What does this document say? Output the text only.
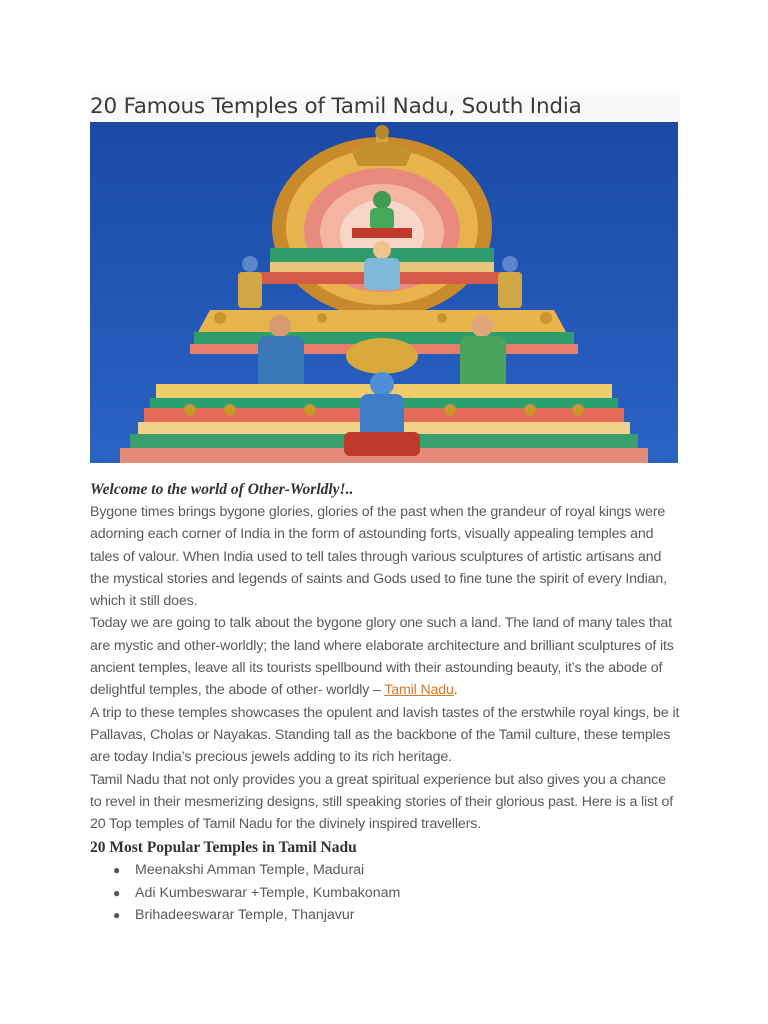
20 Famous Temples of Tamil Nadu, South India

Welcome to the world of Other-Worldly!..

Bygone times brings bygone glories, glories of the past when the grandeur of royal kings were adorning each corner of India in the form of astounding forts, visually appealing temples and tales of valour. When India used to tell tales through various sculptures of artistic artisans and the mystical stories and legends of saints and Gods used to fine tune the spirit of every Indian, which it still does.

Today we are going to talk about the bygone glory one such a land. The land of many tales that are mystic and other-worldly; the land where elaborate architecture and brilliant sculptures of its ancient temples, leave all its tourists spellbound with their astounding beauty, it’s the abode of delightful temples, the abode of other- worldly – Tamil Nadu.

A trip to these temples showcases the opulent and lavish tastes of the erstwhile royal kings, be it Pallavas, Cholas or Nayakas. Standing tall as the backbone of the Tamil culture, these temples are today India’s precious jewels adding to its rich heritage.

Tamil Nadu that not only provides you a great spiritual experience but also gives you a chance to revel in their mesmerizing designs, still speaking stories of their glorious past. Here is a list of 20 Top temples of Tamil Nadu for the divinely inspired travellers.

20 Most Popular Temples in Tamil Nadu

● Meenakshi Amman Temple, Madurai
● Adi Kumbeswarar +Temple, Kumbakonam
● Brihadeeswarar Temple, Thanjavur
